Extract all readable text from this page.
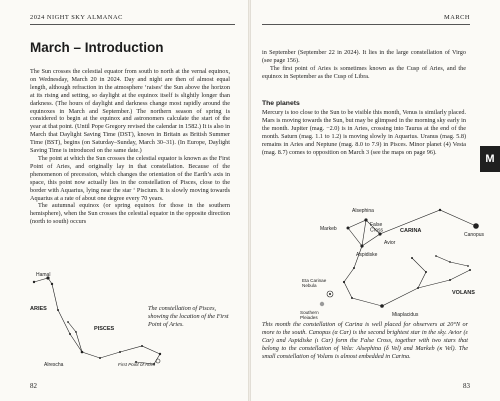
2024 NIGHT SKY ALMANAC	MARCH
March – Introduction

The Sun crosses the celestial equator from south to north at the vernal equinox, on Wednesday, March 20 in 2024. Day and night are then of almost equal length, although refraction in the atmosphere ‘raises’ the Sun above the horizon at its rising and setting, so daylight at the equinox itself is slightly longer than darkness. (The hours of daylight and darkness change most rapidly around the equinoxes in March and September.) The northern season of spring is considered to begin at the equinox and astronomers calculate the start of the year at that point. (Until Pope Gregory revised the calendar in 1582.) It is also in March that Daylight Saving Time (DST), known in Britain as British Summer Time (BST), begins (on Saturday–Sunday, March 30–31). (In Europe, Daylight Saving Time is introduced on the same date.)

The point at which the Sun crosses the celestial equator is known as the First Point of Aries, and originally lay in that constellation. Because of the phenomenon of precession, which changes the orientation of the Earth’s axis in space, this point now actually lies in the constellation of Pisces, close to the border with Aquarius, lying near the star ‘ Piscium. It is slowly moving towards Aquarius at a rate of about one degree every 70 years.

The autumnal equinox (or spring equinox for those in the southern hemisphere), when the Sun crosses the celestial equator in the opposite direction (north to south) occurs

in September (September 22 in 2024). It lies in the large constellation of Virgo (see page 156).

The first point of Aries is sometimes known as the Cusp of Aries, and the equinox in September as the Cusp of Libra.

The planets

Mercury is too close to the Sun to be visible this month, Venus is similarly placed. Mars is moving towards the Sun, but may be glimpsed in the morning sky early in the month. Jupiter (mag. −2.0) is in Aries, crossing into Taurus at the end of the month. Saturn (mag. 1.1 to 1.2) is moving slowly in Aquarius. Uranus (mag. 5.8) remains in Aries and Neptune (mag. 8.0 to 7.9) in Pisces. Minor planet (4) Vesta (mag. 8.7) comes to opposition on March 3 (see the maps on page 96).

M
Hamal
ARIES
PISCES
Alrescha	First Point of Aries
The constellation of Pisces, showing the location of the First Point of Aries.
Alsephina
False Cross
Markeb	CARINA
Canopus
Avior
Aspidiske
Eta Carinae Nebula
Southern Pleiades	Miaplacidus
VOLANS
This month the constellation of Carina is well placed for observers at 20°N or more to the south. Canopus (α Car) is the second brightest star in the sky. Avior (ε Car) and Aspidiske (ι Car) form the False Cross, together with two stars that belong to the constellation of Vela: Alsephina (δ Vel) and Markeb (κ Vel). The small constellation of Volans is almost embedded in Carina.
82	83
